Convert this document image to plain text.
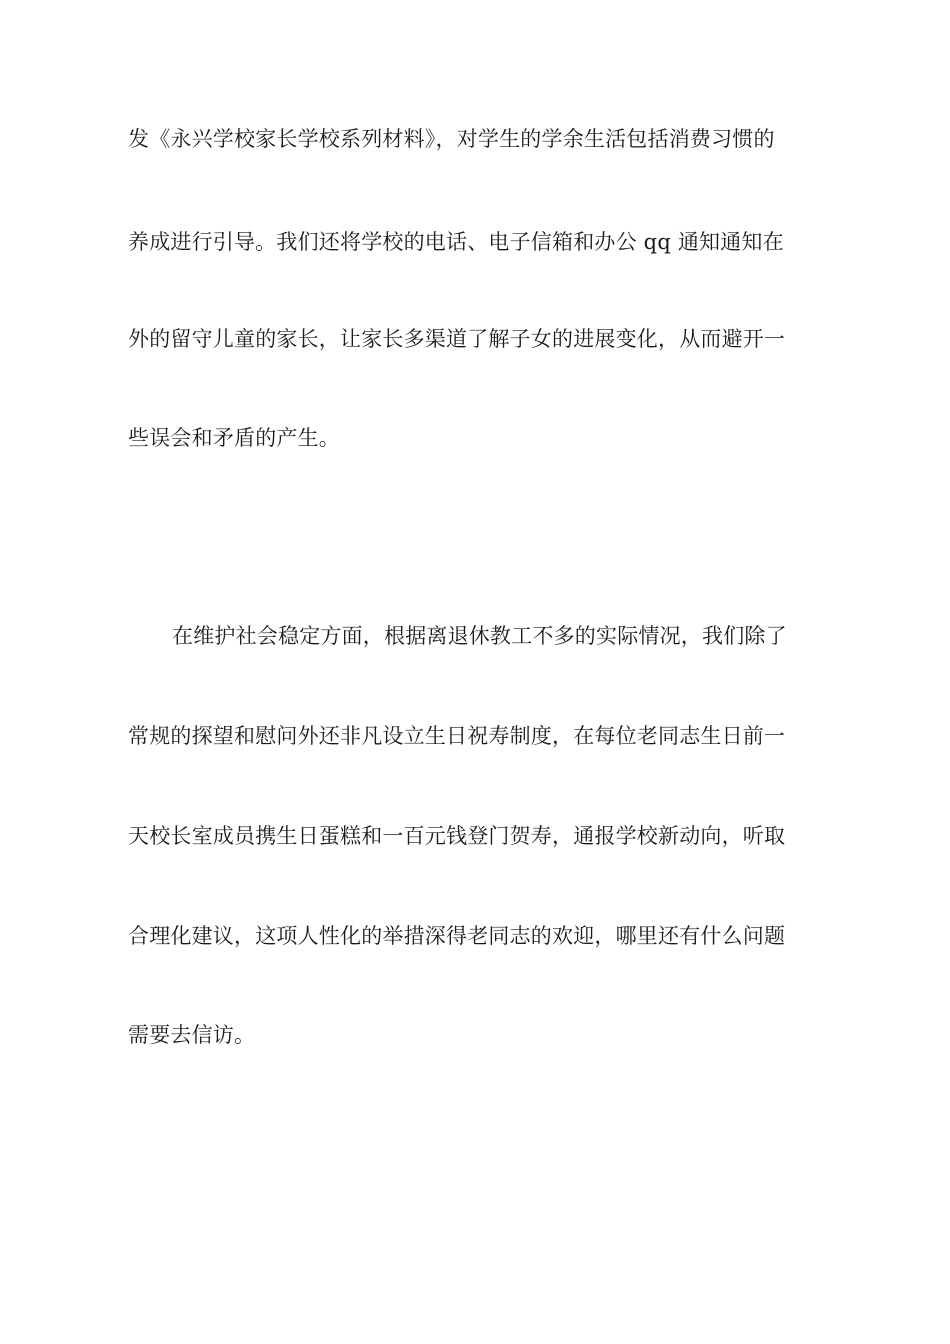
发《永兴学校家长学校系列材料》，对学生的学余生活包括消费习惯的
养成进行引导。我们还将学校的电话、电子信箱和办公 qq 通知通知在
外的留守儿童的家长，让家长多渠道了解子女的进展变化，从而避开一
些误会和矛盾的产生。
在维护社会稳定方面，根据离退休教工不多的实际情况，我们除了
常规的探望和慰问外还非凡设立生日祝寿制度，在每位老同志生日前一
天校长室成员携生日蛋糕和一百元钱登门贺寿，通报学校新动向，听取
合理化建议，这项人性化的举措深得老同志的欢迎，哪里还有什么问题
需要去信访。
